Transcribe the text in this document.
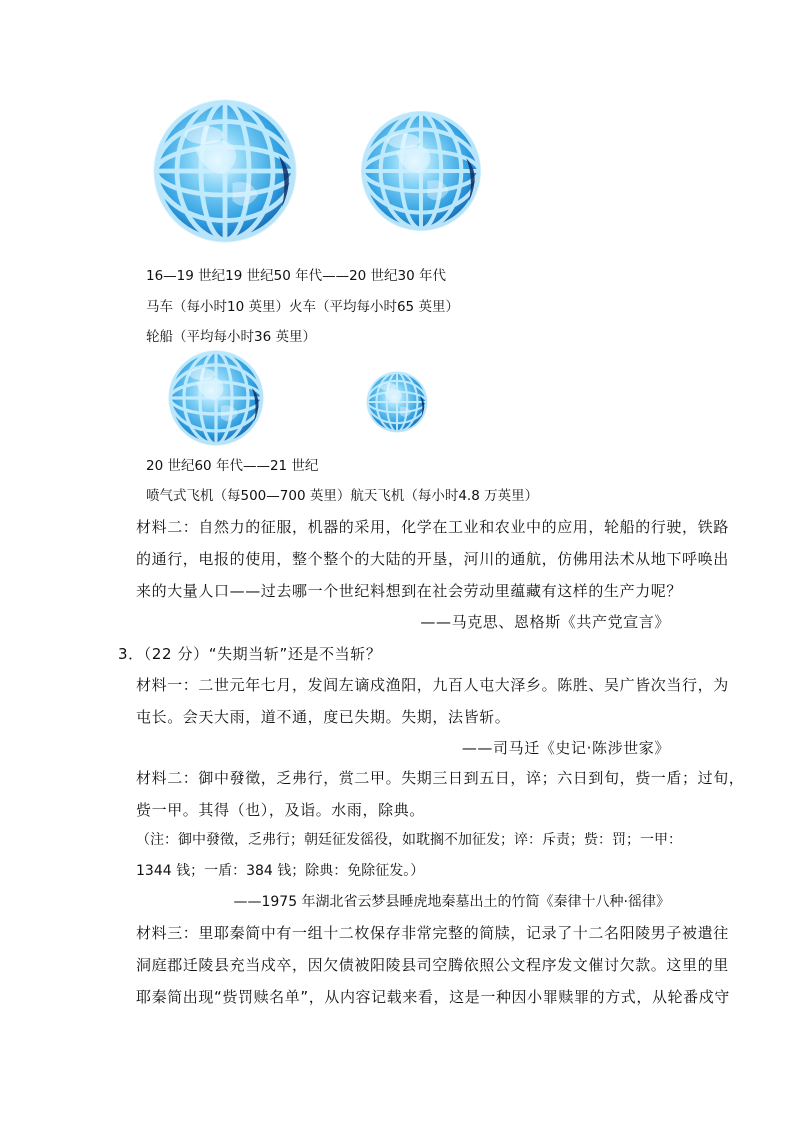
16—19 世纪19 世纪50 年代——20 世纪30 年代
马车（每小时10 英里）火车（平均每小时65 英里）
轮船（平均每小时36 英里）
20 世纪60 年代——21 世纪
喷气式飞机（每500—700 英里）航天飞机（每小时4.8 万英里）
材料二：自然力的征服，机器的采用，化学在工业和农业中的应用，轮船的行驶，铁路
的通行，电报的使用，整个整个的大陆的开垦，河川的通航，仿佛用法术从地下呼唤出
来的大量人口——过去哪一个世纪料想到在社会劳动里蕴藏有这样的生产力呢？
——马克思、恩格斯《共产党宣言》
3．（22 分）“失期当斩”还是不当斩？
材料一：二世元年七月，发闾左谪戍渔阳，九百人屯大泽乡。陈胜、吴广皆次当行，为
屯长。会天大雨，道不通，度已失期。失期，法皆斩。
——司马迁《史记·陈涉世家》
材料二：御中發徵，乏弗行，赏二甲。失期三日到五日，谇；六日到旬，赀一盾；过旬，
赀一甲。其得（也），及诣。水雨，除典。
（注：御中發徵，乏弗行；朝廷征发徭役，如耽搁不加征发；谇：斥责；赀：罚；一甲：
1344 钱；一盾：384 钱；除典：免除征发。）
——1975 年湖北省云梦县睡虎地秦墓出土的竹简《秦律十八种·徭律》
材料三：里耶秦简中有一组十二枚保存非常完整的简牍，记录了十二名阳陵男子被遣往
洞庭郡迁陵县充当戍卒，因欠债被阳陵县司空腾依照公文程序发文催讨欠款。这里的里
耶秦简出现“赀罚赎名单”，从内容记载来看，这是一种因小罪赎罪的方式，从轮番戍守
